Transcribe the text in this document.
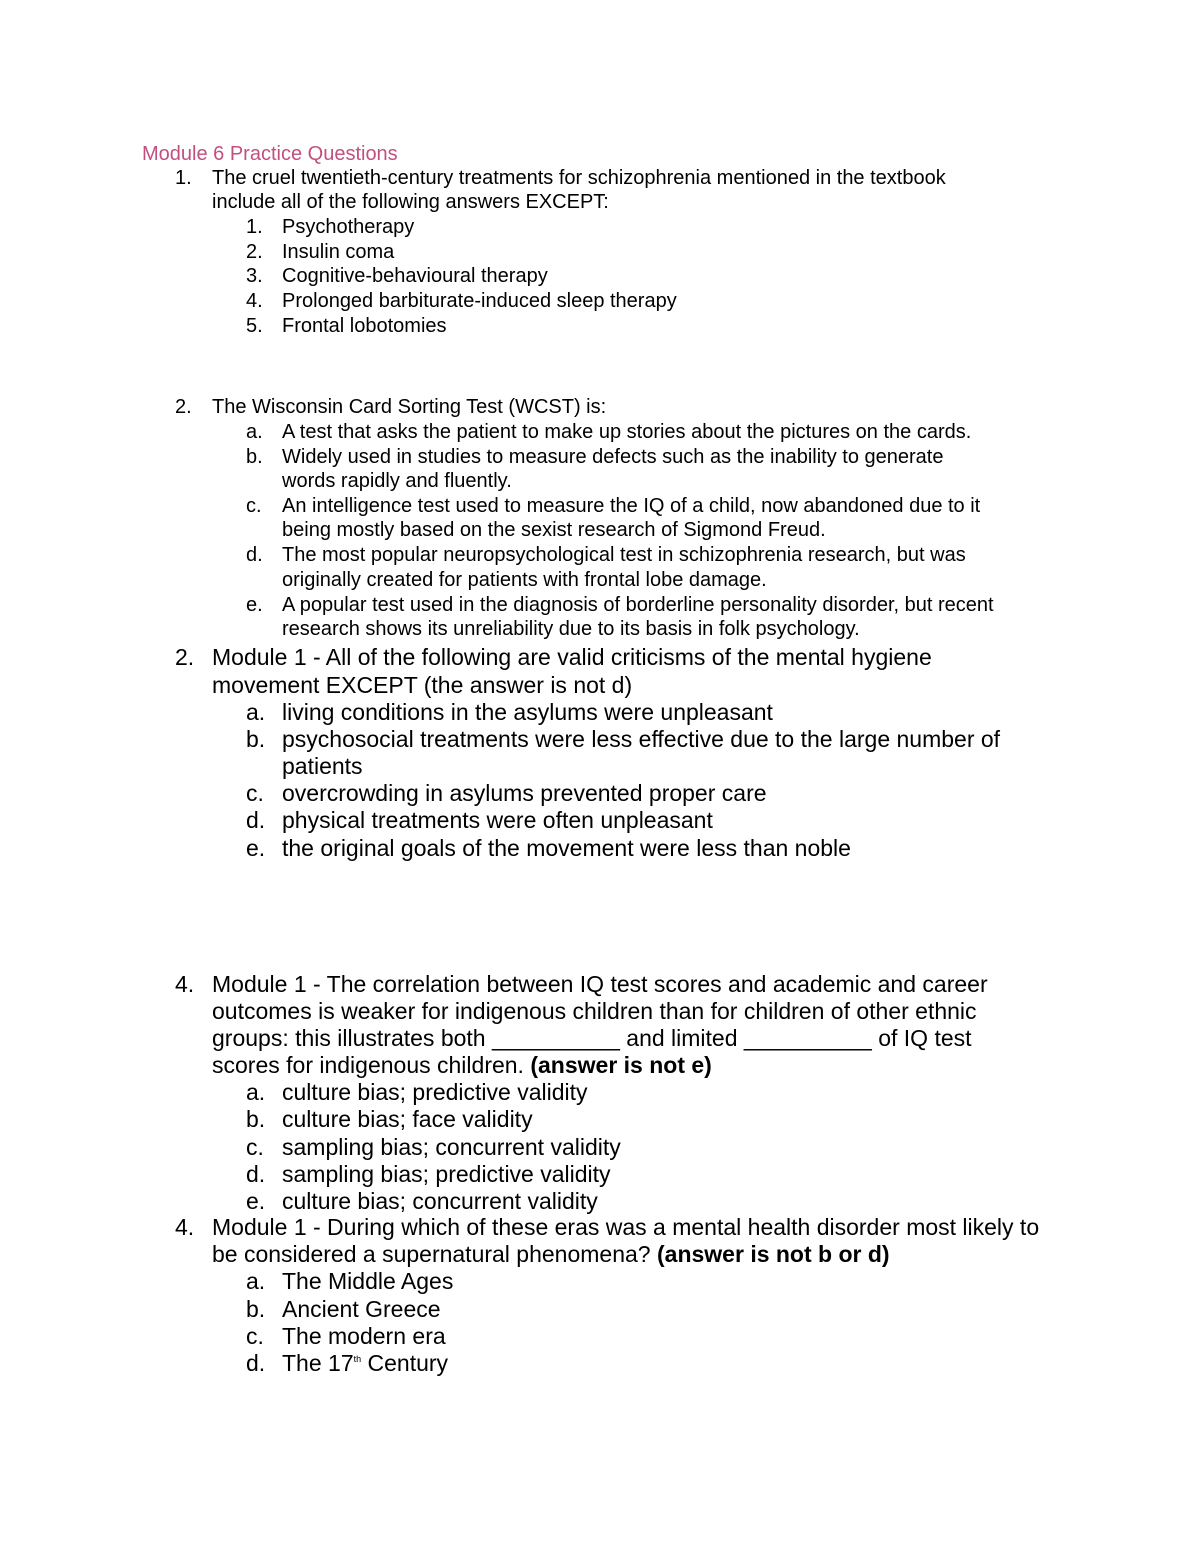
Module 6 Practice Questions
1. The cruel twentieth-century treatments for schizophrenia mentioned in the textbook
include all of the following answers EXCEPT:
1. Psychotherapy
2. Insulin coma
3. Cognitive-behavioural therapy
4. Prolonged barbiturate-induced sleep therapy
5. Frontal lobotomies
2. The Wisconsin Card Sorting Test (WCST) is:
a. A test that asks the patient to make up stories about the pictures on the cards.
b. Widely used in studies to measure defects such as the inability to generate
words rapidly and fluently.
c. An intelligence test used to measure the IQ of a child, now abandoned due to it
being mostly based on the sexist research of Sigmond Freud.
d. The most popular neuropsychological test in schizophrenia research, but was
originally created for patients with frontal lobe damage.
e. A popular test used in the diagnosis of borderline personality disorder, but recent
research shows its unreliability due to its basis in folk psychology.
2. Module 1 - All of the following are valid criticisms of the mental hygiene
movement EXCEPT (the answer is not d)
a. living conditions in the asylums were unpleasant
b. psychosocial treatments were less effective due to the large number of
patients
c. overcrowding in asylums prevented proper care
d. physical treatments were often unpleasant
e. the original goals of the movement were less than noble
4. Module 1 - The correlation between IQ test scores and academic and career
outcomes is weaker for indigenous children than for children of other ethnic
groups: this illustrates both __________ and limited __________ of IQ test
scores for indigenous children. (answer is not e)
a. culture bias; predictive validity
b. culture bias; face validity
c. sampling bias; concurrent validity
d. sampling bias; predictive validity
e. culture bias; concurrent validity
4. Module 1 - During which of these eras was a mental health disorder most likely to
be considered a supernatural phenomena? (answer is not b or d)
a. The Middle Ages
b. Ancient Greece
c. The modern era
d. The 17th Century
